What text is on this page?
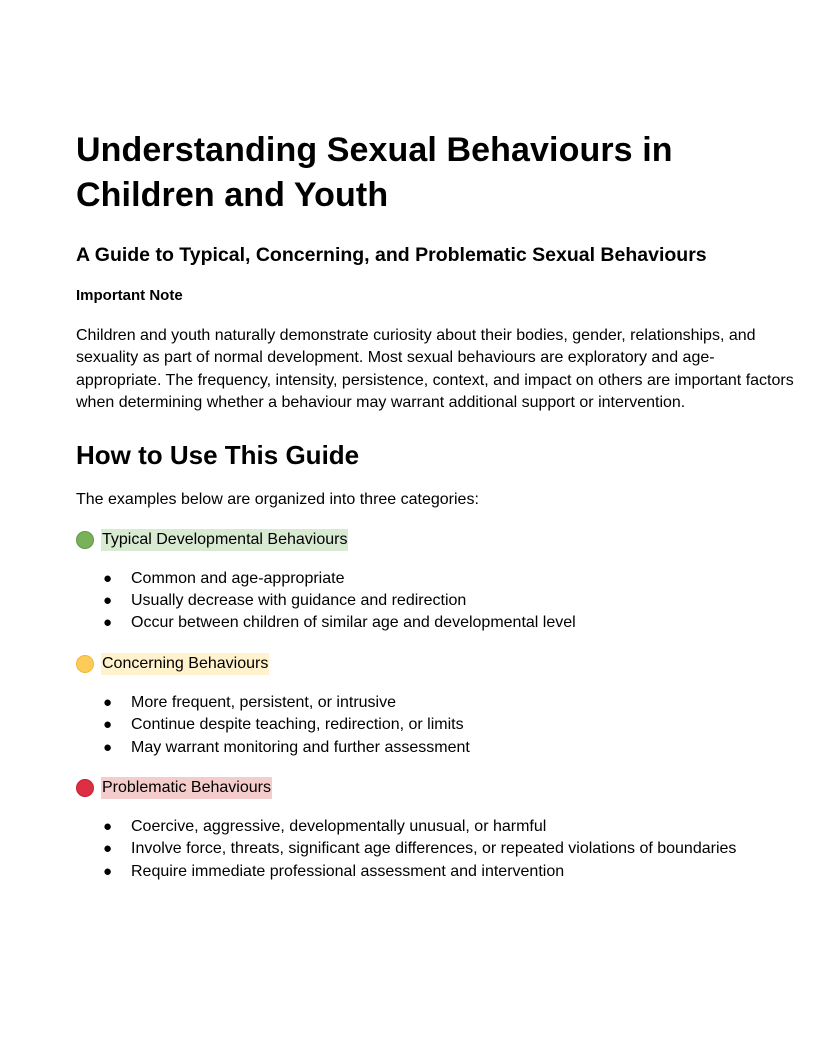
Understanding Sexual Behaviours in Children and Youth
A Guide to Typical, Concerning, and Problematic Sexual Behaviours
Important Note

Children and youth naturally demonstrate curiosity about their bodies, gender, relationships, and sexuality as part of normal development. Most sexual behaviours are exploratory and age-appropriate. The frequency, intensity, persistence, context, and impact on others are important factors when determining whether a behaviour may warrant additional support or intervention.

How to Use This Guide

The examples below are organized into three categories:

Typical Developmental Behaviours
● Common and age-appropriate
● Usually decrease with guidance and redirection
● Occur between children of similar age and developmental level
Concerning Behaviours
● More frequent, persistent, or intrusive
● Continue despite teaching, redirection, or limits
● May warrant monitoring and further assessment
Problematic Behaviours
● Coercive, aggressive, developmentally unusual, or harmful
● Involve force, threats, significant age differences, or repeated violations of boundaries
● Require immediate professional assessment and intervention
